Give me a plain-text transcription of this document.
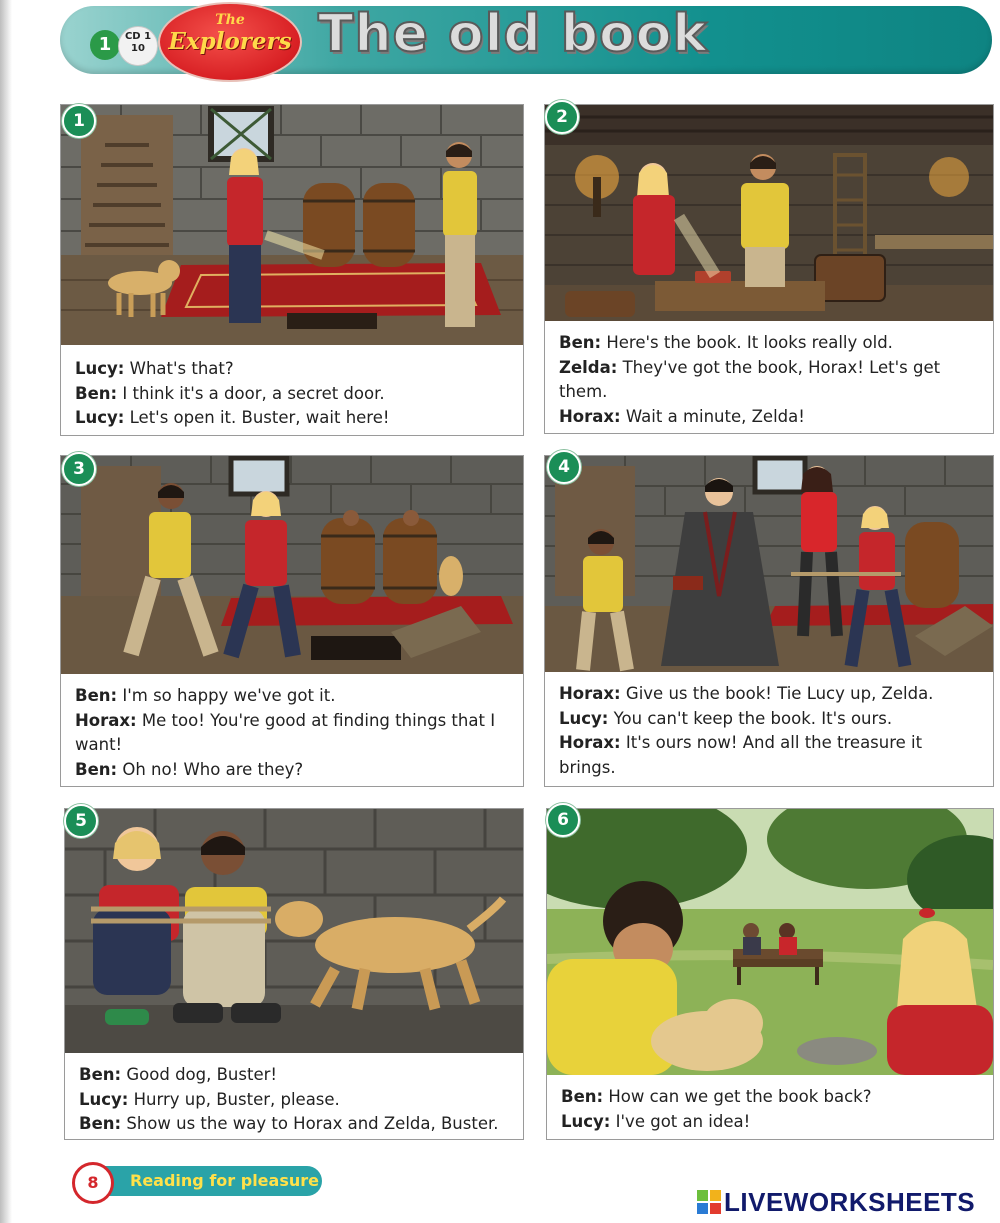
1	CD 1
10
The
Explorers The old book

Lucy: What's that?

Ben: I think it's a door, a secret door.

Lucy: Let's open it. Buster, wait here!

1

Ben: Here's the book. It looks really old.

Zelda: They've got the book, Horax! Let's get them.

Horax: Wait a minute, Zelda!

2

Ben: I'm so happy we've got it.

Horax: Me too! You're good at finding things that I want!

Ben: Oh no! Who are they?

3

Horax: Give us the book! Tie Lucy up, Zelda.

Lucy: You can't keep the book. It's ours.

Horax: It's ours now! And all the treasure it brings.

4

Ben: Good dog, Buster!

Lucy: Hurry up, Buster, please.

Ben: Show us the way to Horax and Zelda, Buster.

5

Ben: How can we get the book back?

Lucy: I've got an idea!

6
Reading for pleasure
8
LIVEWORKSHEETS
